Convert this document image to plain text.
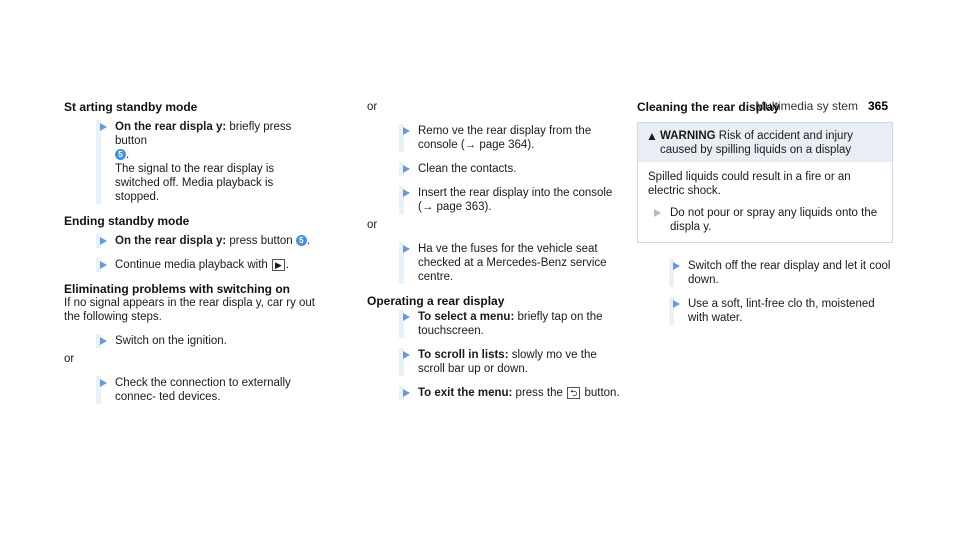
Multimedia sy stem 365
St arting standby mode
On the rear displa y: briefly press button
5 .
The signal to the rear display is switched off. Media playback is stopped.
Ending standby mode
On the rear displa y: press button 5 .
Continue media playback with ▶ .
Eliminating problems with switching on

If no signal appears in the rear displa y, car ry out the following steps.

Switch on the ignition.

or

Check the connection to externally connec‐ ted devices.

or

Remo ve the rear display from the console (→ page 364).
Clean the contacts.
Insert the rear display into the console (→ page 363).

or

Ha ve the fuses for the vehicle seat checked at a Mercedes-Benz service centre.
Operating a rear display
To select a menu: briefly tap on the touchscreen.
To scroll in lists: slowly mo ve the scroll bar up or down.
To exit the menu: press the ⮌ button.
Cleaning the rear display
▲ WARNING Risk of accident and injury caused by spilling liquids on a display
Spilled liquids could result in a fire or an electric shock.
Do not pour or spray any liquids onto the displa y.
Switch off the rear display and let it cool down.
Use a soft, lint-free clo th, moistened with water.
